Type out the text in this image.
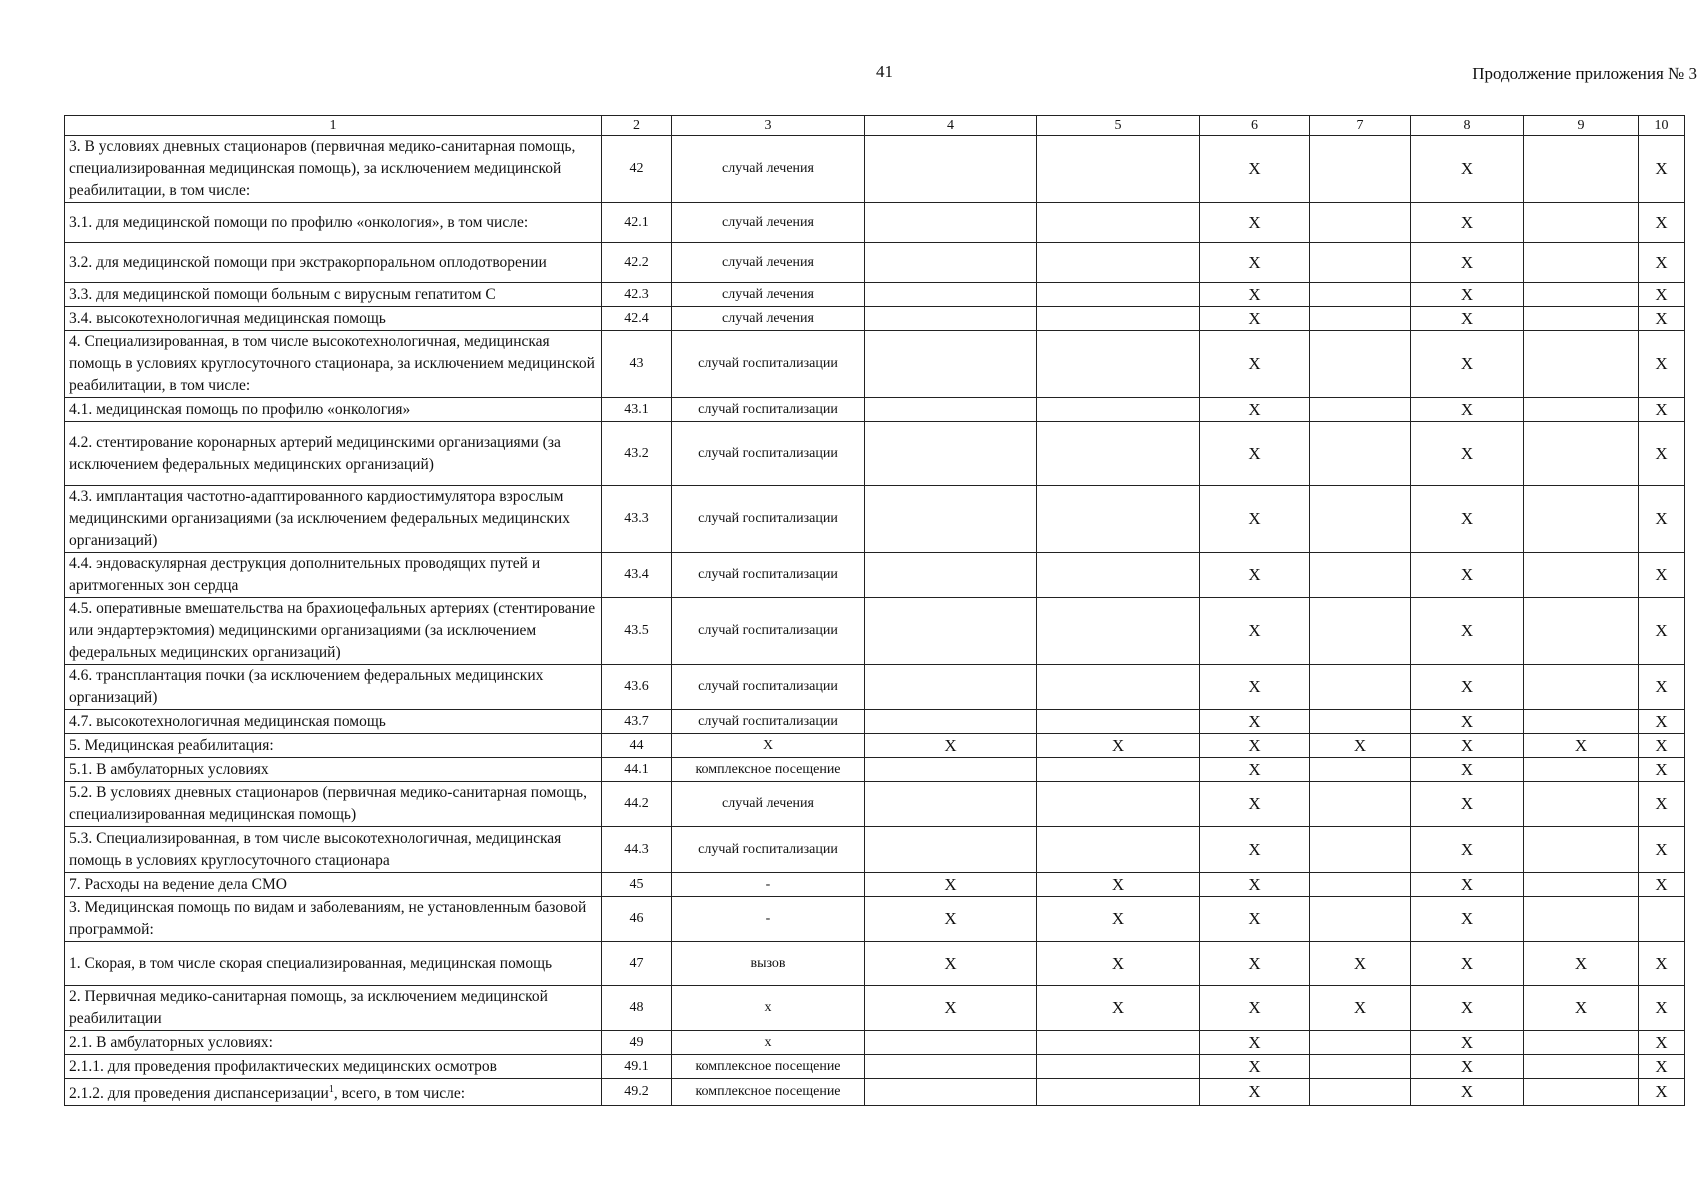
41	Продолжение приложения № 3
1	2	3	4	5	6	7	8	9	10
3. В условиях дневных стационаров (первичная медико-санитарная помощь, специализированная медицинская помощь), за исключением медицинской реабилитации, в том числе:	42	случай лечения			X		X		X
3.1. для медицинской помощи по профилю «онкология», в том числе:	42.1	случай лечения			X		X		X
3.2. для медицинской помощи при экстракорпоральном оплодотворении	42.2	случай лечения			X		X		X
3.3. для медицинской помощи больным с вирусным гепатитом С	42.3	случай лечения			X		X		X
3.4. высокотехнологичная медицинская помощь	42.4	случай лечения			X		X		X
4. Специализированная, в том числе высокотехнологичная, медицинская помощь в условиях круглосуточного стационара, за исключением медицинской реабилитации, в том числе:	43	случай госпитализации			X		X		X
4.1. медицинская помощь по профилю «онкология»	43.1	случай госпитализации			X		X		X
4.2. стентирование коронарных артерий медицинскими организациями (за исключением федеральных медицинских организаций)	43.2	случай госпитализации			X		X		X
4.3. имплантация частотно-адаптированного кардиостимулятора взрослым медицинскими организациями (за исключением федеральных медицинских организаций)	43.3	случай госпитализации			X		X		X
4.4. эндоваскулярная деструкция дополнительных проводящих путей и аритмогенных зон сердца	43.4	случай госпитализации			X		X		X
4.5. оперативные вмешательства на брахиоцефальных артериях (стентирование или эндартерэктомия) медицинскими организациями (за исключением федеральных медицинских организаций)	43.5	случай госпитализации			X		X		X
4.6. трансплантация почки (за исключением федеральных медицинских организаций)	43.6	случай госпитализации			X		X		X
4.7. высокотехнологичная медицинская помощь	43.7	случай госпитализации			X		X		X
5. Медицинская реабилитация:	44	X	X	X	X	X	X	X	X
5.1. В амбулаторных условиях	44.1	комплексное посещение			X		X		X
5.2. В условиях дневных стационаров (первичная медико-санитарная помощь, специализированная медицинская помощь)	44.2	случай лечения			X		X		X
5.3. Специализированная, в том числе высокотехнологичная, медицинская помощь в условиях круглосуточного стационара	44.3	случай госпитализации			X		X		X
7. Расходы на ведение дела СМО	45	-	X	X	X		X		X
3. Медицинская помощь по видам и заболеваниям, не установленным базовой программой:	46	-	X	X	X		X		
1. Скорая, в том числе скорая специализированная, медицинская помощь	47	вызов	X	X	X	X	X	X	X
2. Первичная медико-санитарная помощь, за исключением медицинской реабилитации	48	х	X	X	X	X	X	X	X
2.1. В амбулаторных условиях:	49	х			X		X		X
2.1.1. для проведения профилактических медицинских осмотров	49.1	комплексное посещение			X		X		X
2.1.2. для проведения диспансеризации$^1$, всего, в том числе:	49.2	комплексное посещение			X		X		X
